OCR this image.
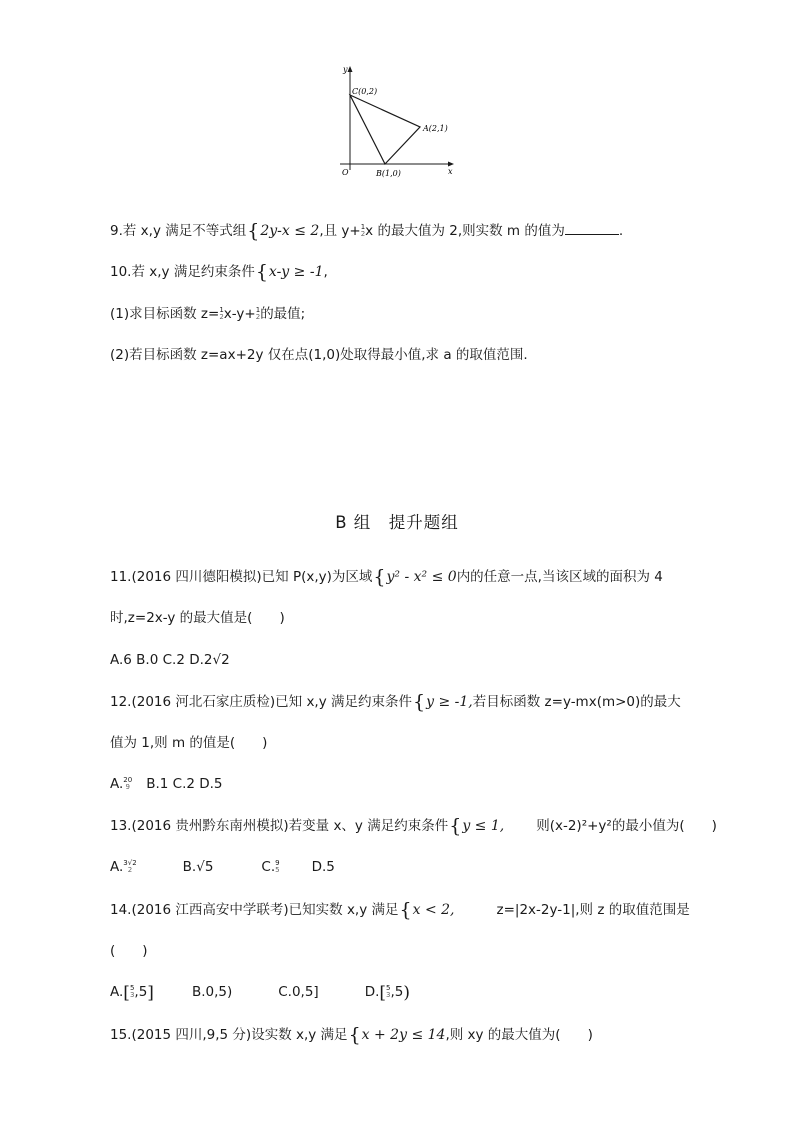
y
x
O
C(0,2)
A(2,1)
B(1,0)
9.若 x,y 满足不等式组{2y-x ≤ 2,且 y+ 1
2 x 的最大值为 2,则实数 m 的值为	.
10.若 x,y 满足约束条件{x-y ≥ -1,
(1)求目标函数 z= 1
2 x-y+ 1
2 的最值;
(2)若目标函数 z=ax+2y 仅在点(1,0)处取得最小值,求 a 的取值范围.
B 组　提升题组
11.(2016 四川德阳模拟)已知 P(x,y)为区域{y² - x² ≤ 0内的任意一点,当该区域的面积为 4
时,z=2x-y 的最大值是(　　)
A.6 B.0 C.2 D.2√2
12.(2016 河北石家庄质检)已知 x,y 满足约束条件{y ≥ -1,若目标函数 z=y-mx(m>0)的最大
值为 1,则 m 的值是(　　)
A. 20
9 B.1 C.2 D.5
13.(2016 贵州黔东南州模拟)若变量 x、y 满足约束条件{y ≤ 1, 则(x-2)²+y²的最小值为(　　)
A. 3√2
2	B.√5	C. 9
5 D.5
14.(2016 江西高安中学联考)已知实数 x,y 满足{x < 2,	z=|2x-2y-1|,则 z 的取值范围是
(　　)
A.[ 5
3 ,5]	B.0,5)	C.0,5]	D.[ 5
3 ,5)
15.(2015 四川,9,5 分)设实数 x,y 满足{x + 2y ≤ 14,则 xy 的最大值为(　　)
